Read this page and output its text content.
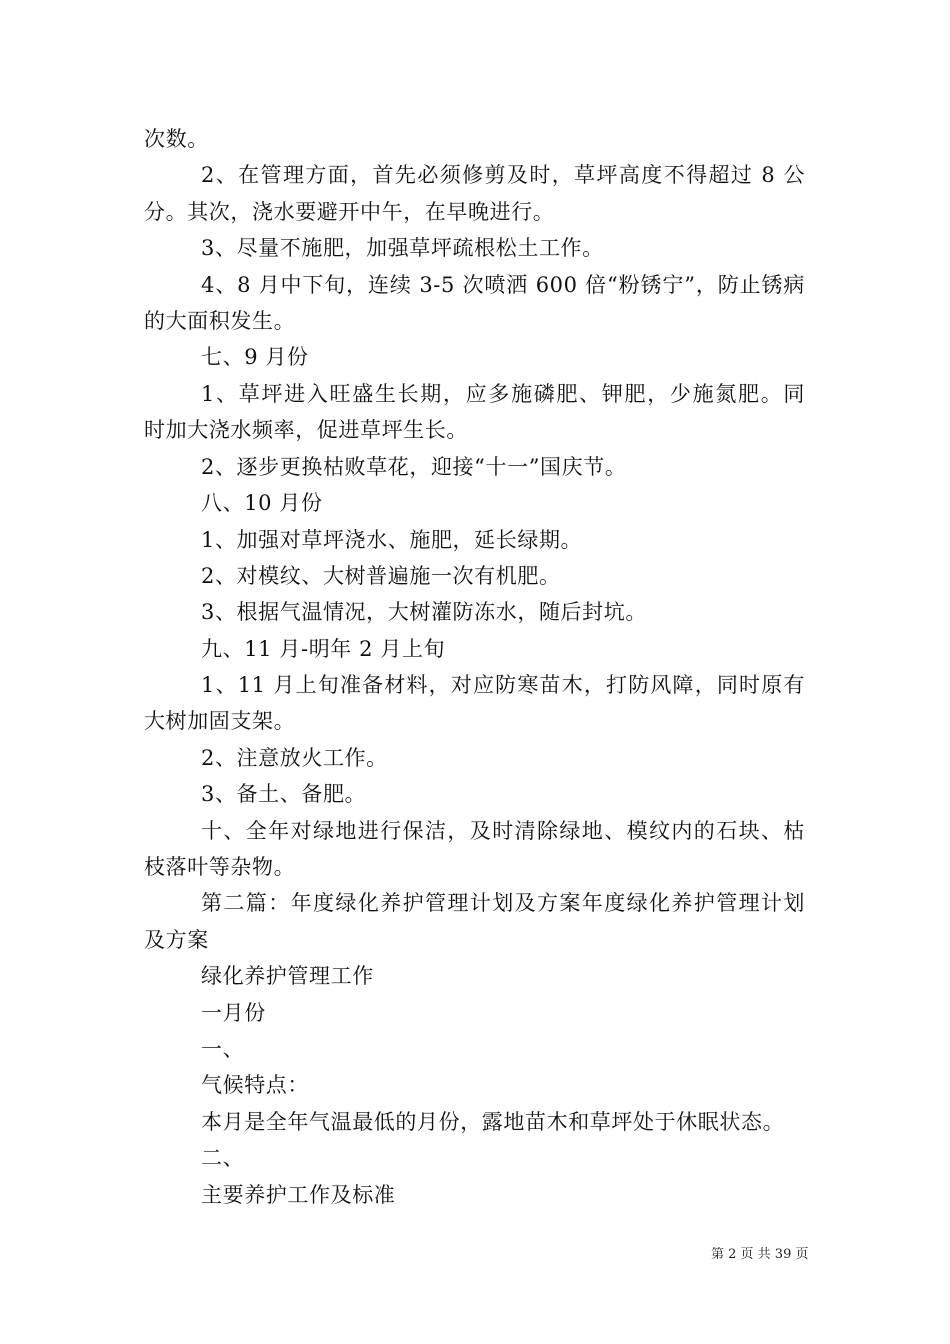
次数。
2、在管理方面，首先必须修剪及时，草坪高度不得超过 8 公
分。其次，浇水要避开中午，在早晚进行。
3、尽量不施肥，加强草坪疏根松土工作。
4、8 月中下旬，连续 3-5 次喷洒 600 倍“粉锈宁”，防止锈病
的大面积发生。
七、9 月份
1、草坪进入旺盛生长期，应多施磷肥、钾肥，少施氮肥。同
时加大浇水频率，促进草坪生长。
2、逐步更换枯败草花，迎接“十一”国庆节。
八、10 月份
1、加强对草坪浇水、施肥，延长绿期。
2、对模纹、大树普遍施一次有机肥。
3、根据气温情况，大树灌防冻水，随后封坑。
九、11 月-明年 2 月上旬
1、11 月上旬准备材料，对应防寒苗木，打防风障，同时原有
大树加固支架。
2、注意放火工作。
3、备土、备肥。
十、全年对绿地进行保洁，及时清除绿地、模纹内的石块、枯
枝落叶等杂物。
第二篇：年度绿化养护管理计划及方案年度绿化养护管理计划
及方案
绿化养护管理工作
一月份
一、
气候特点：
本月是全年气温最低的月份，露地苗木和草坪处于休眠状态。
二、
主要养护工作及标准
第 2 页 共 39 页
